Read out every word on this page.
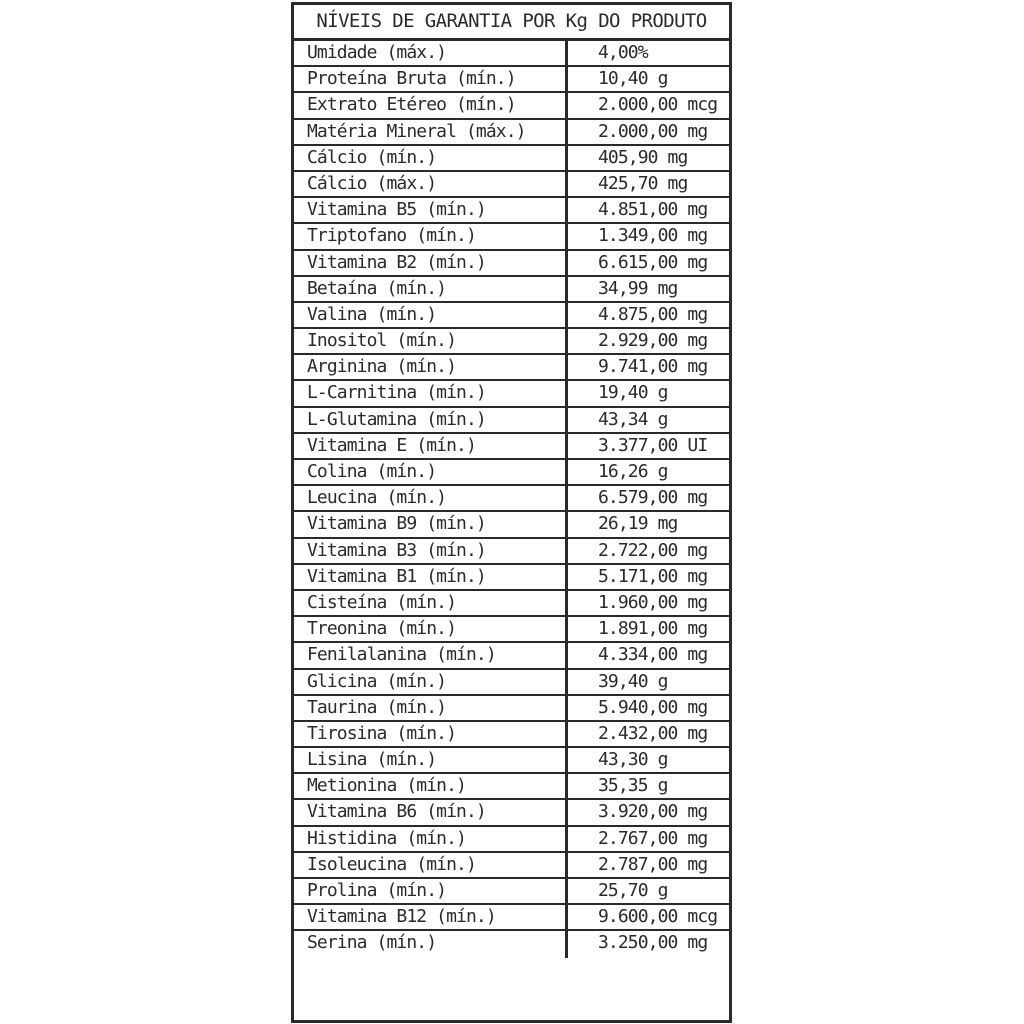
NÍVEIS DE GARANTIA POR Kg DO PRODUTO
Umidade (máx.)	4,00%
Proteína Bruta (mín.)	10,40 g
Extrato Etéreo (mín.)	2.000,00 mcg
Matéria Mineral (máx.)	2.000,00 mg
Cálcio (mín.)	405,90 mg
Cálcio (máx.)	425,70 mg
Vitamina B5 (mín.)	4.851,00 mg
Triptofano (mín.)	1.349,00 mg
Vitamina B2 (mín.)	6.615,00 mg
Betaína (mín.)	34,99 mg
Valina (mín.)	4.875,00 mg
Inositol (mín.)	2.929,00 mg
Arginina (mín.)	9.741,00 mg
L-Carnitina (mín.)	19,40 g
L-Glutamina (mín.)	43,34 g
Vitamina E (mín.)	3.377,00 UI
Colina (mín.)	16,26 g
Leucina (mín.)	6.579,00 mg
Vitamina B9 (mín.)	26,19 mg
Vitamina B3 (mín.)	2.722,00 mg
Vitamina B1 (mín.)	5.171,00 mg
Cisteína (mín.)	1.960,00 mg
Treonina (mín.)	1.891,00 mg
Fenilalanina (mín.)	4.334,00 mg
Glicina (mín.)	39,40 g
Taurina (mín.)	5.940,00 mg
Tirosina (mín.)	2.432,00 mg
Lisina (mín.)	43,30 g
Metionina (mín.)	35,35 g
Vitamina B6 (mín.)	3.920,00 mg
Histidina (mín.)	2.767,00 mg
Isoleucina (mín.)	2.787,00 mg
Prolina (mín.)	25,70 g
Vitamina B12 (mín.)	9.600,00 mcg
Serina (mín.)	3.250,00 mg
